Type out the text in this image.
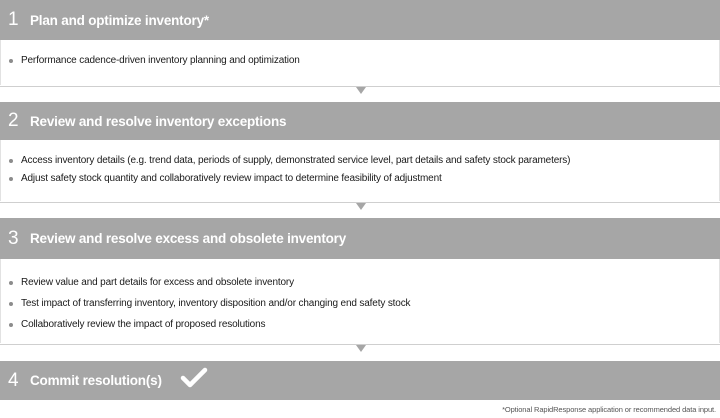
1 Plan and optimize inventory*
Performance cadence-driven inventory planning and optimization
2 Review and resolve inventory exceptions
Access inventory details (e.g. trend data, periods of supply, demonstrated service level, part details and safety stock parameters)
Adjust safety stock quantity and collaboratively review impact to determine feasibility of adjustment
3 Review and resolve excess and obsolete inventory
Review value and part details for excess and obsolete inventory
Test impact of transferring inventory, inventory disposition and/or changing end safety stock
Collaboratively review the impact of proposed resolutions
4 Commit resolution(s)
*Optional RapidResponse application or recommended data input.
